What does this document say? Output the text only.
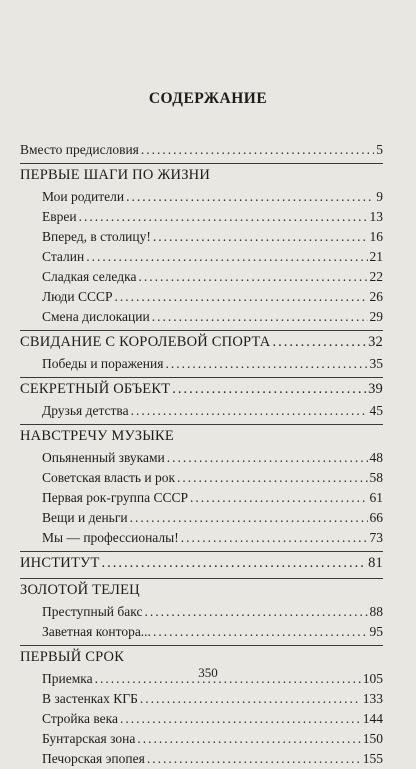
СОДЕРЖАНИЕ
Вместо предисловия .....	5
ПЕРВЫЕ ШАГИ ПО ЖИЗНИ
Мои родители .....	9
Евреи .....	13
Вперед, в столицу! .....	16
Сталин .....	21
Сладкая селедка .....	22
Люди СССР .....	26
Смена дислокации .....	29
СВИДАНИЕ С КОРОЛЕВОЙ СПОРТА .....	32
Победы и поражения .....	35
СЕКРЕТНЫЙ ОБЪЕКТ .....	39
Друзья детства .....	45
НАВСТРЕЧУ МУЗЫКЕ
Опьяненный звуками .....	48
Советская власть и рок .....	58
Первая рок-группа СССР .....	61
Вещи и деньги .....	66
Мы — профессионалы! .....	73
ИНСТИТУТ .....	81
ЗОЛОТОЙ ТЕЛЕЦ
Преступный бакс .....	88
Заветная контора... .....	95
ПЕРВЫЙ СРОК
Приемка .....	105
В застенках КГБ .....	133
Стройка века .....	144
Бунтарская зона .....	150
Печорская эпопея .....	155
350
